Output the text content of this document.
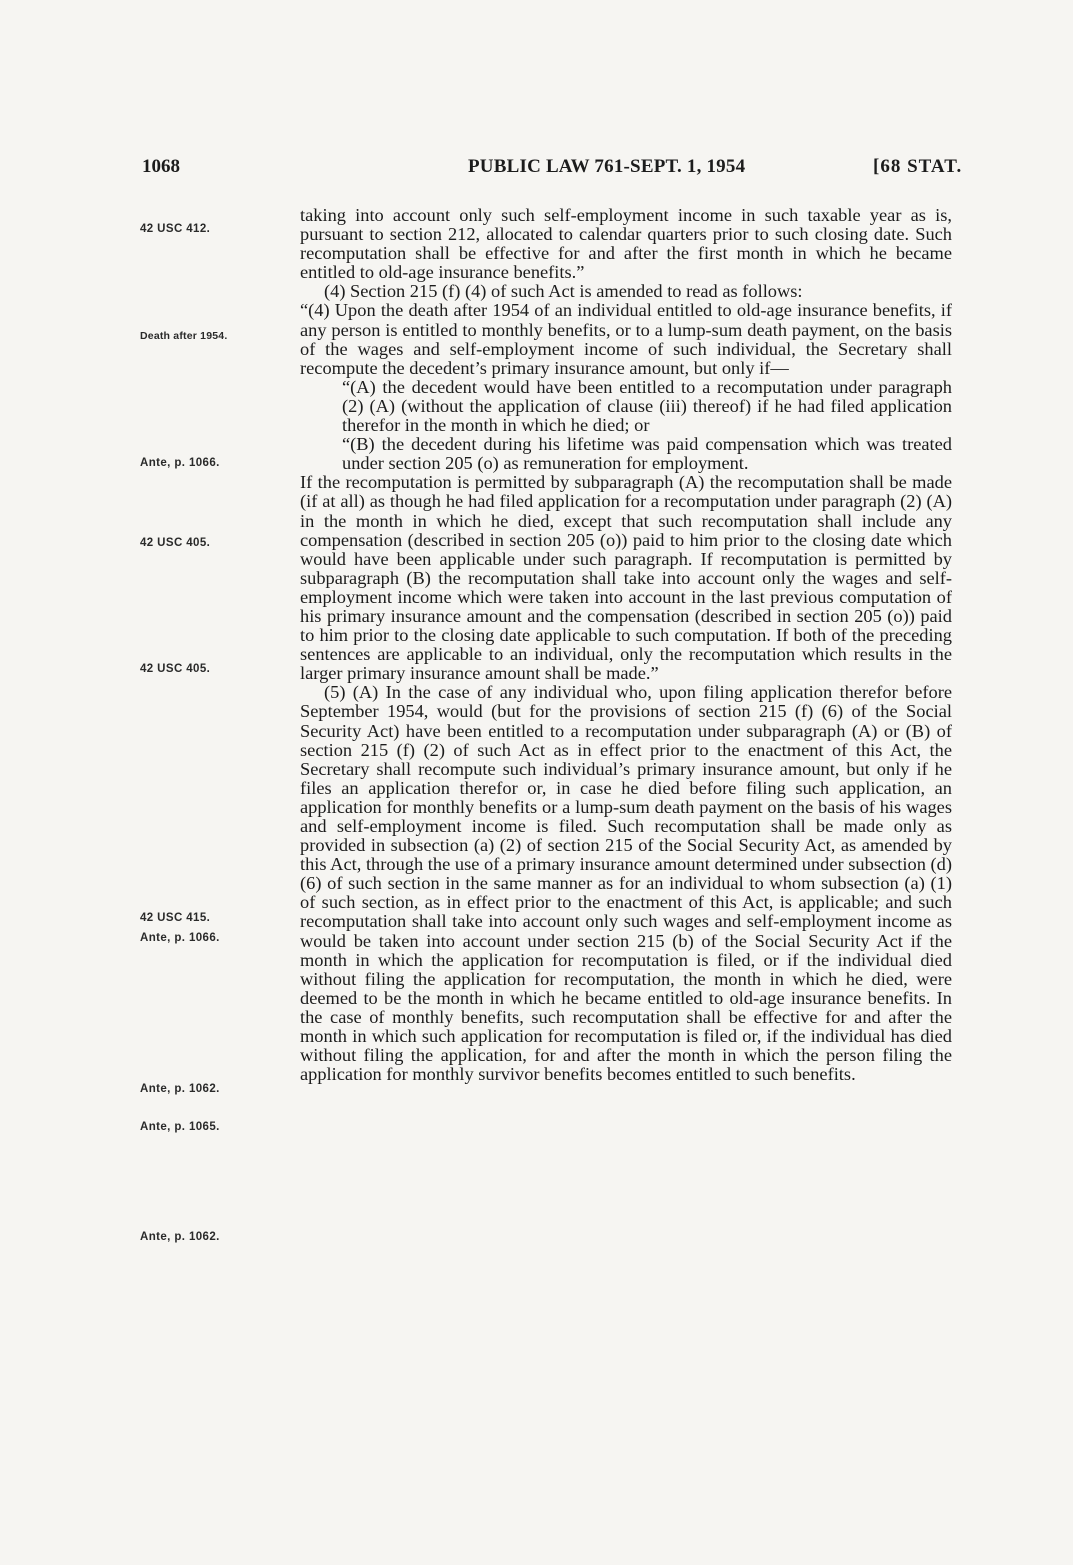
1068	PUBLIC LAW 761-SEPT. 1, 1954	[68 STAT.
42 USC 412.
Death after 1954.
Ante, p. 1066.
42 USC 405.
42 USC 405.
42 USC 415.
Ante, p. 1066.
Ante, p. 1062.
Ante, p. 1065.
Ante, p. 1062.

taking into account only such self-employment income in such taxable year as is, pursuant to section 212, allocated to calendar quarters prior to such closing date. Such recomputation shall be effective for and after the first month in which he became entitled to old-age insurance benefits.”

(4) Section 215 (f) (4) of such Act is amended to read as follows:

“(4) Upon the death after 1954 of an individual entitled to old-age insurance benefits, if any person is entitled to monthly benefits, or to a lump-sum death payment, on the basis of the wages and self-employment income of such individual, the Secretary shall recompute the decedent’s primary insurance amount, but only if—

“(A) the decedent would have been entitled to a recomputation under paragraph (2) (A) (without the application of clause (iii) thereof) if he had filed application therefor in the month in which he died; or

“(B) the decedent during his lifetime was paid compensation which was treated under section 205 (o) as remuneration for employment.

If the recomputation is permitted by subparagraph (A) the recomputation shall be made (if at all) as though he had filed application for a recomputation under paragraph (2) (A) in the month in which he died, except that such recomputation shall include any compensation (described in section 205 (o)) paid to him prior to the closing date which would have been applicable under such paragraph. If recomputation is permitted by subparagraph (B) the recomputation shall take into account only the wages and self-employment income which were taken into account in the last previous computation of his primary insurance amount and the compensation (described in section 205 (o)) paid to him prior to the closing date applicable to such computation. If both of the preceding sentences are applicable to an individual, only the recomputation which results in the larger primary insurance amount shall be made.”

(5) (A) In the case of any individual who, upon filing application therefor before September 1954, would (but for the provisions of section 215 (f) (6) of the Social Security Act) have been entitled to a recomputation under subparagraph (A) or (B) of section 215 (f) (2) of such Act as in effect prior to the enactment of this Act, the Secretary shall recompute such individual’s primary insurance amount, but only if he files an application therefor or, in case he died before filing such application, an application for monthly benefits or a lump-sum death payment on the basis of his wages and self-employment income is filed. Such recomputation shall be made only as provided in subsection (a) (2) of section 215 of the Social Security Act, as amended by this Act, through the use of a primary insurance amount determined under subsection (d) (6) of such section in the same manner as for an individual to whom subsection (a) (1) of such section, as in effect prior to the enactment of this Act, is applicable; and such recomputation shall take into account only such wages and self-employment income as would be taken into account under section 215 (b) of the Social Security Act if the month in which the application for recomputation is filed, or if the individual died without filing the application for recomputation, the month in which he died, were deemed to be the month in which he became entitled to old-age insurance benefits. In the case of monthly benefits, such recomputation shall be effective for and after the month in which such application for recomputation is filed or, if the individual has died without filing the application, for and after the month in which the person filing the application for monthly survivor benefits becomes entitled to such benefits.
